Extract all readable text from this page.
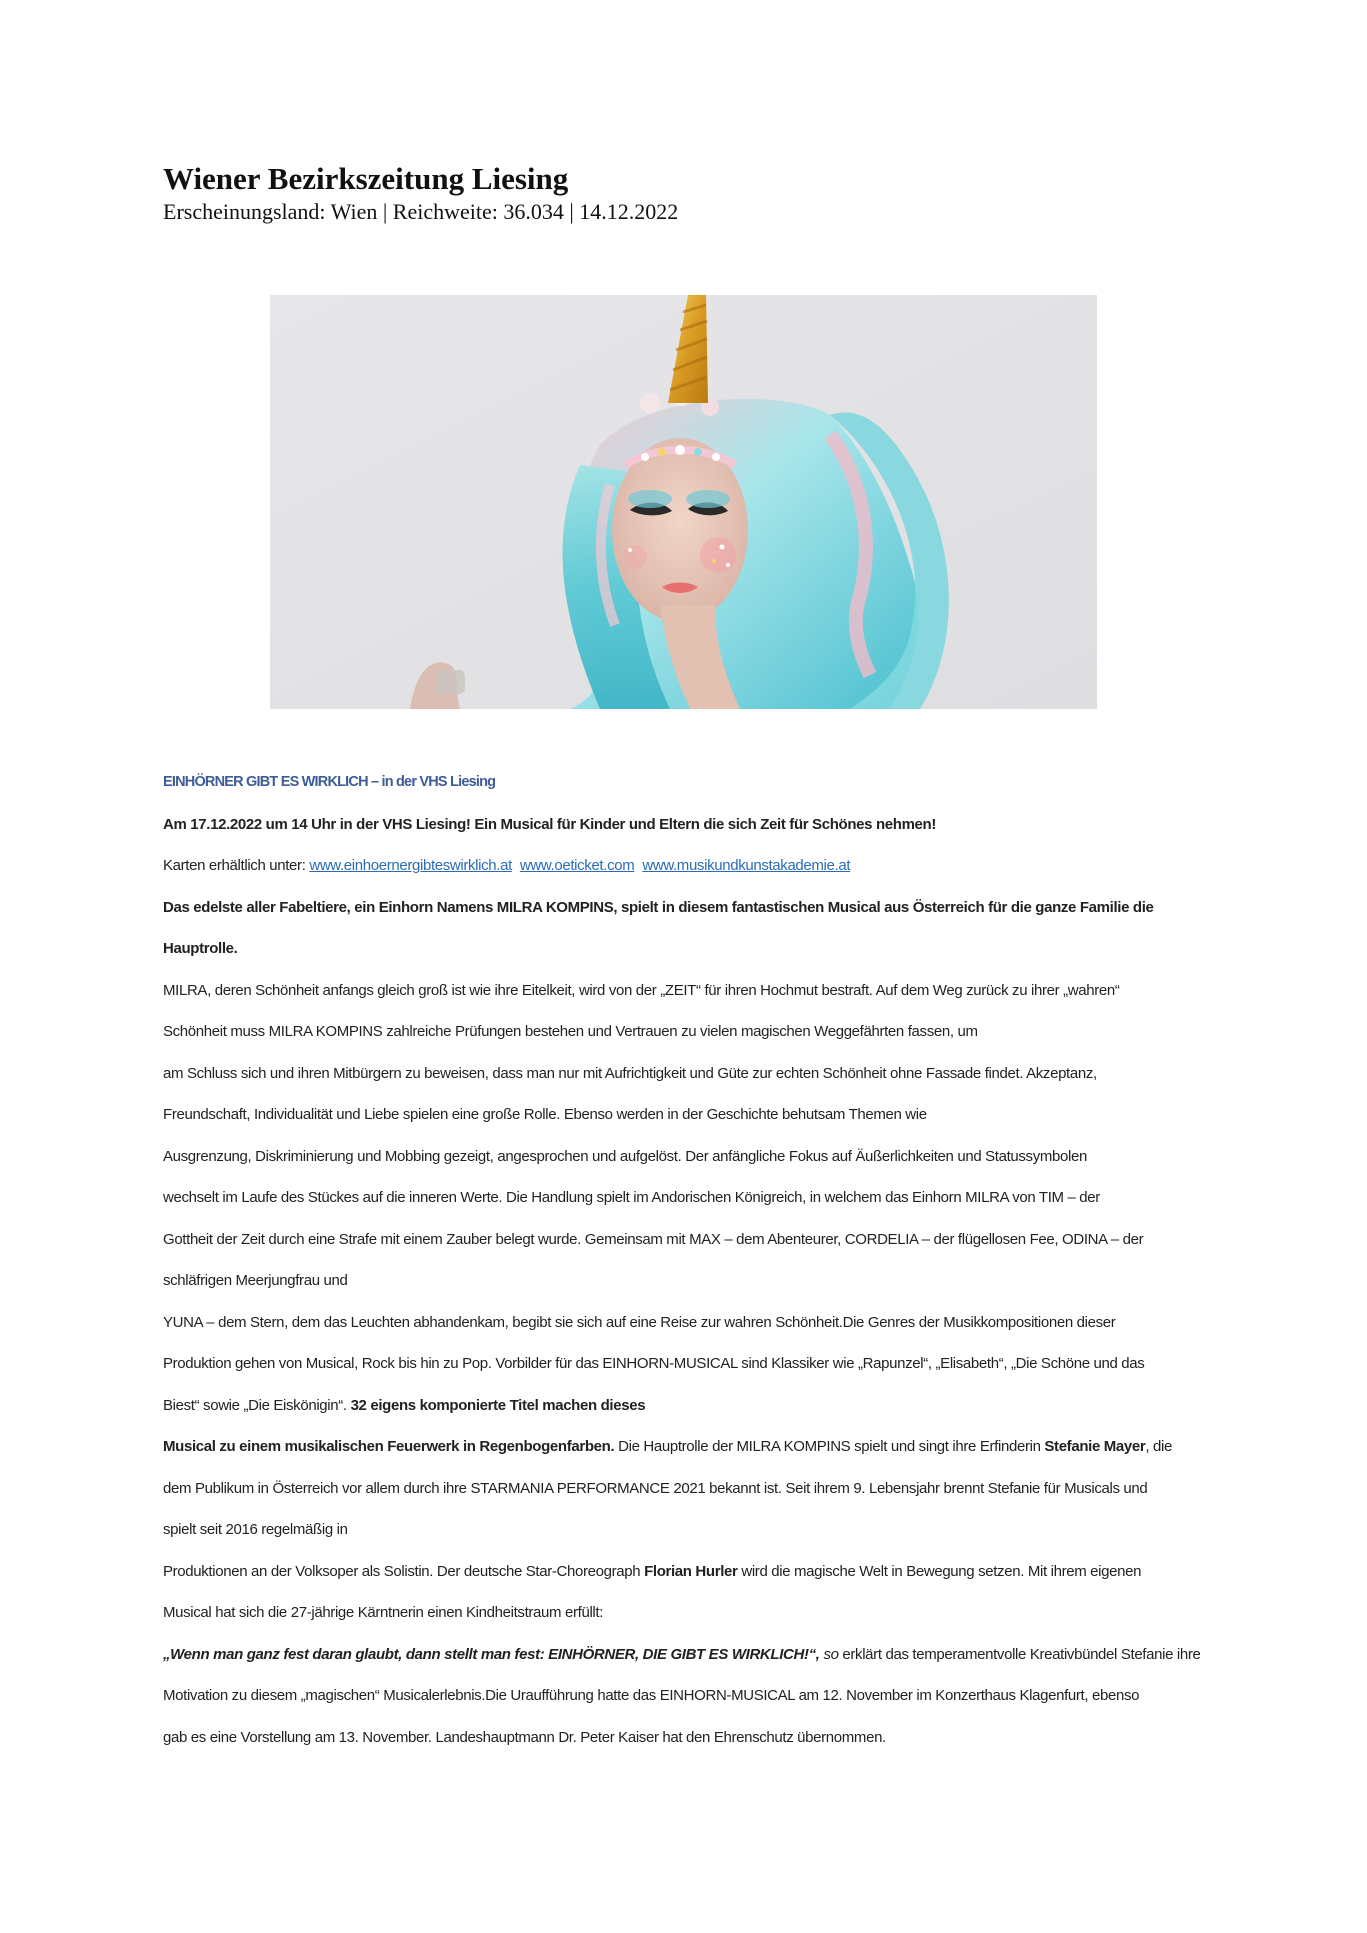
Wiener Bezirkszeitung Liesing

Erscheinungsland: Wien | Reichweite: 36.034 | 14.12.2022

EINHÖRNER GIBT ES WIRKLICH – in der VHS Liesing
Am 17.12.2022 um 14 Uhr in der VHS Liesing! Ein Musical für Kinder und Eltern die sich Zeit für Schönes nehmen!
Karten erhältlich unter: www.einhoernergibteswirklich.at www.oeticket.com www.musikundkunstakademie.at
Das edelste aller Fabeltiere, ein Einhorn Namens MILRA KOMPINS, spielt in diesem fantastischen Musical aus Österreich für die ganze Familie die
Hauptrolle.
MILRA, deren Schönheit anfangs gleich groß ist wie ihre Eitelkeit, wird von der „ZEIT“ für ihren Hochmut bestraft. Auf dem Weg zurück zu ihrer „wahren“
Schönheit muss MILRA KOMPINS zahlreiche Prüfungen bestehen und Vertrauen zu vielen magischen Weggefährten fassen, um
am Schluss sich und ihren Mitbürgern zu beweisen, dass man nur mit Aufrichtigkeit und Güte zur echten Schönheit ohne Fassade findet. Akzeptanz,
Freundschaft, Individualität und Liebe spielen eine große Rolle. Ebenso werden in der Geschichte behutsam Themen wie
Ausgrenzung, Diskriminierung und Mobbing gezeigt, angesprochen und aufgelöst. Der anfängliche Fokus auf Äußerlichkeiten und Statussymbolen
wechselt im Laufe des Stückes auf die inneren Werte. Die Handlung spielt im Andorischen Königreich, in welchem das Einhorn MILRA von TIM – der
Gottheit der Zeit durch eine Strafe mit einem Zauber belegt wurde. Gemeinsam mit MAX – dem Abenteurer, CORDELIA – der flügellosen Fee, ODINA – der
schläfrigen Meerjungfrau und
YUNA – dem Stern, dem das Leuchten abhandenkam, begibt sie sich auf eine Reise zur wahren Schönheit.Die Genres der Musikkompositionen dieser
Produktion gehen von Musical, Rock bis hin zu Pop. Vorbilder für das EINHORN-MUSICAL sind Klassiker wie „Rapunzel“, „Elisabeth“, „Die Schöne und das
Biest“ sowie „Die Eiskönigin“. 32 eigens komponierte Titel machen dieses
Musical zu einem musikalischen Feuerwerk in Regenbogenfarben. Die Hauptrolle der MILRA KOMPINS spielt und singt ihre Erfinderin Stefanie Mayer, die
dem Publikum in Österreich vor allem durch ihre STARMANIA PERFORMANCE 2021 bekannt ist. Seit ihrem 9. Lebensjahr brennt Stefanie für Musicals und
spielt seit 2016 regelmäßig in
Produktionen an der Volksoper als Solistin. Der deutsche Star-Choreograph Florian Hurler wird die magische Welt in Bewegung setzen. Mit ihrem eigenen
Musical hat sich die 27-jährige Kärntnerin einen Kindheitstraum erfüllt:
„Wenn man ganz fest daran glaubt, dann stellt man fest: EINHÖRNER, DIE GIBT ES WIRKLICH!“, so erklärt das temperamentvolle Kreativbündel Stefanie ihre
Motivation zu diesem „magischen“ Musicalerlebnis.Die Uraufführung hatte das EINHORN-MUSICAL am 12. November im Konzerthaus Klagenfurt, ebenso
gab es eine Vorstellung am 13. November. Landeshauptmann Dr. Peter Kaiser hat den Ehrenschutz übernommen.
